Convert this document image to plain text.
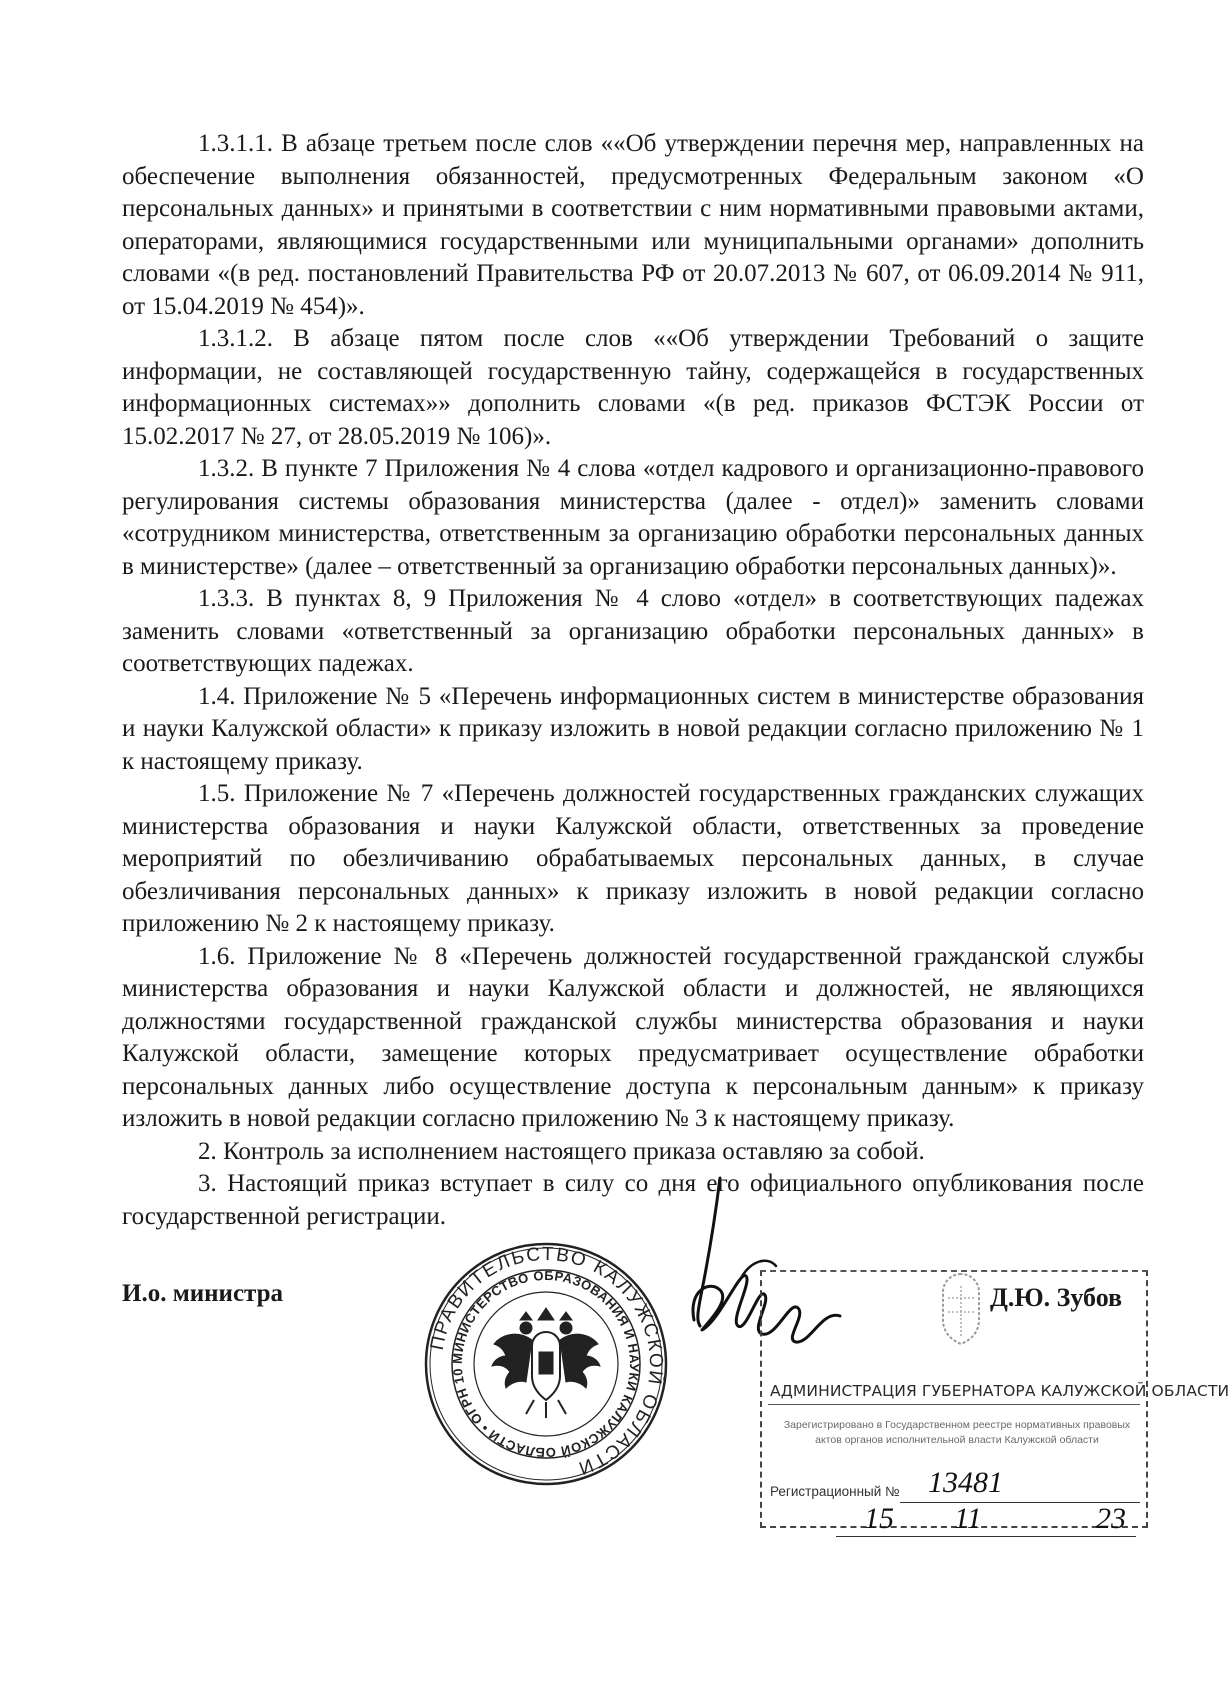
1.3.1.1. В абзаце третьем после слов ««Об утверждении перечня мер, направленных на обеспечение выполнения обязанностей, предусмотренных Федеральным законом «О персональных данных» и принятыми в соответствии с ним нормативными правовыми актами, операторами, являющимися государственными или муниципальными органами» дополнить словами «(в ред. постановлений Правительства РФ от 20.07.2013 № 607, от 06.09.2014 № 911, от 15.04.2019 № 454)».

1.3.1.2. В абзаце пятом после слов ««Об утверждении Требований о защите информации, не составляющей государственную тайну, содержащейся в государственных информационных системах»» дополнить словами «(в ред. приказов ФСТЭК России от 15.02.2017 № 27, от 28.05.2019 № 106)».

1.3.2. В пункте 7 Приложения № 4 слова «отдел кадрового и организационно-правового регулирования системы образования министерства (далее - отдел)» заменить словами «сотрудником министерства, ответственным за организацию обработки персональных данных в министерстве» (далее – ответственный за организацию обработки персональных данных)».

1.3.3. В пунктах 8, 9 Приложения № 4 слово «отдел» в соответствующих падежах заменить словами «ответственный за организацию обработки персональных данных» в соответствующих падежах.

1.4. Приложение № 5 «Перечень информационных систем в министерстве образования и науки Калужской области» к приказу изложить в новой редакции согласно приложению № 1 к настоящему приказу.

1.5. Приложение № 7 «Перечень должностей государственных гражданских служащих министерства образования и науки Калужской области, ответственных за проведение мероприятий по обезличиванию обрабатываемых персональных данных, в случае обезличивания персональных данных» к приказу изложить в новой редакции согласно приложению № 2 к настоящему приказу.

1.6. Приложение № 8 «Перечень должностей государственной гражданской службы министерства образования и науки Калужской области и должностей, не являющихся должностями государственной гражданской службы министерства образования и науки Калужской области, замещение которых предусматривает осуществление обработки персональных данных либо осуществление доступа к персональным данным» к приказу изложить в новой редакции согласно приложению № 3 к настоящему приказу.

2. Контроль за исполнением настоящего приказа оставляю за собой.

3. Настоящий приказ вступает в силу со дня его официального опубликования после государственной регистрации.

И.о. министра
ПРАВИТЕЛЬСТВО КАЛУЖСКОЙ ОБЛАСТИ
МИНИСТЕРСТВО ОБРАЗОВАНИЯ И НАУКИ КАЛУЖСКОЙ ОБЛАСТИ • ОГРН 10
АДМИНИСТРАЦИЯ ГУБЕРНАТОРА КАЛУЖСКОЙ ОБЛАСТИ
Зарегистрировано в Государственном реестре нормативных правовых актов органов исполнительной власти Калужской области
Регистрационный № 13481
15 11	23
Д.Ю. Зубов
